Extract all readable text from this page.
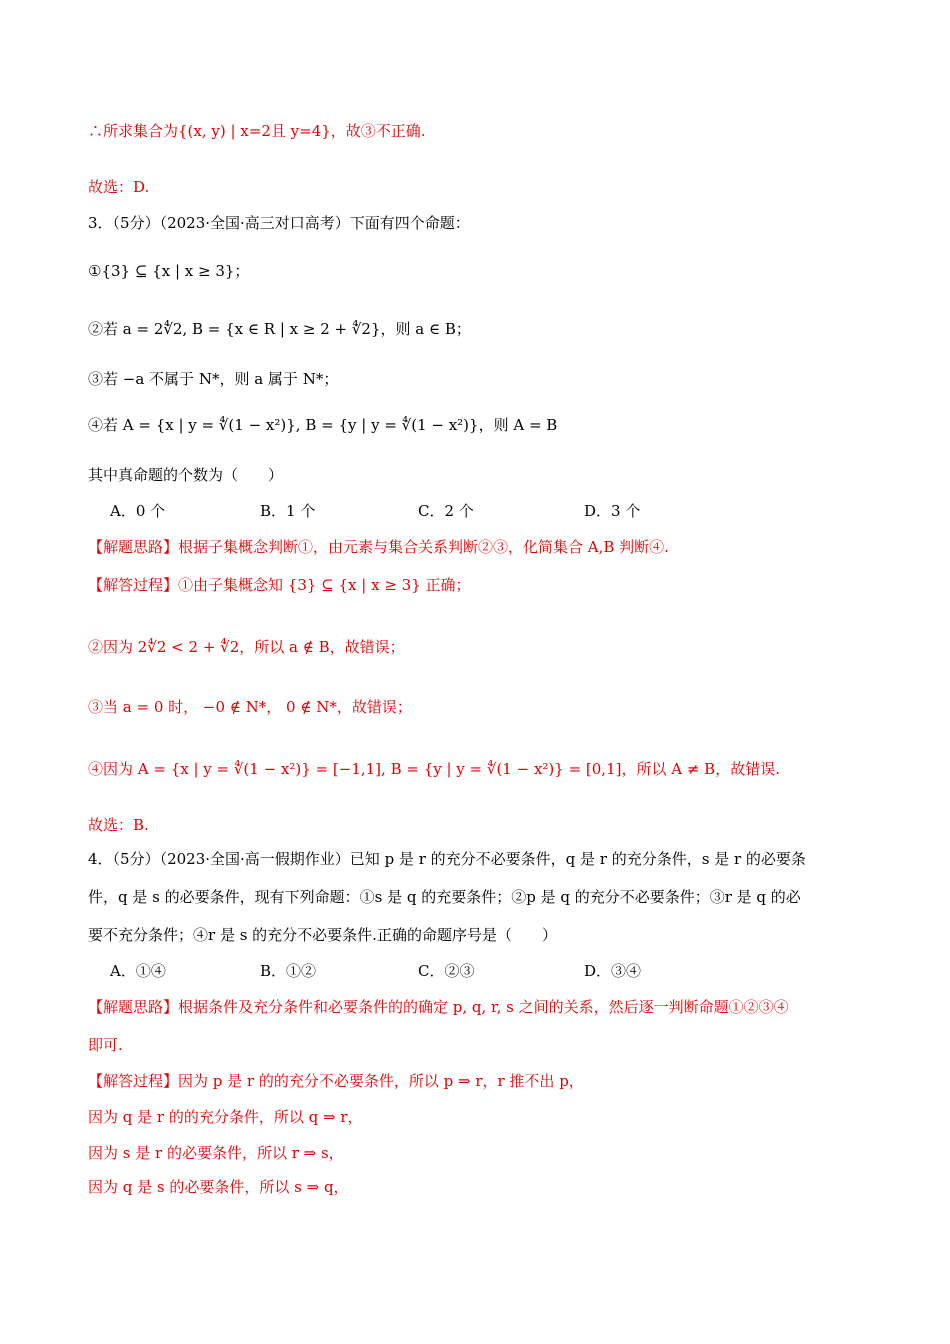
∴所求集合为{(x, y) | x=2且 y=4}，故③不正确.
故选：D.
3．（5分）（2023·全国·高三对口高考）下面有四个命题：
①{3} ⊆ {x | x ≥ 3}；
②若 a = 2∜2, B = {x ∈ R | x ≥ 2 + ∜2}，则 a ∈ B；
③若 −a 不属于 N*，则 a 属于 N*；
④若 A = {x | y = ∜(1 − x²)}, B = {y | y = ∜(1 − x²)}，则 A = B
其中真命题的个数为（　　）
A．0 个	B．1 个	C．2 个	D．3 个
【解题思路】根据子集概念判断①，由元素与集合关系判断②③，化简集合 A,B 判断④.
【解答过程】①由子集概念知 {3} ⊆ {x | x ≥ 3} 正确；
②因为 2∜2 < 2 + ∜2，所以 a ∉ B，故错误；
③当 a = 0 时， −0 ∉ N*， 0 ∉ N*，故错误；
④因为 A = {x | y = ∜(1 − x²)} = [−1,1], B = {y | y = ∜(1 − x²)} = [0,1]，所以 A ≠ B，故错误.
故选：B.
4．（5分）（2023·全国·高一假期作业）已知 p 是 r 的充分不必要条件，q 是 r 的充分条件，s 是 r 的必要条
件，q 是 s 的必要条件，现有下列命题：①s 是 q 的充要条件；②p 是 q 的充分不必要条件；③r 是 q 的必
要不充分条件；④r 是 s 的充分不必要条件.正确的命题序号是（　　）
A．①④	B．①②	C．②③	D．③④
【解题思路】根据条件及充分条件和必要条件的的确定 p, q, r, s 之间的关系，然后逐一判断命题①②③④
即可.
【解答过程】因为 p 是 r 的的充分不必要条件，所以 p ⇒ r，r 推不出 p，
因为 q 是 r 的的充分条件，所以 q ⇒ r，
因为 s 是 r 的必要条件，所以 r ⇒ s，
因为 q 是 s 的必要条件，所以 s ⇒ q，
